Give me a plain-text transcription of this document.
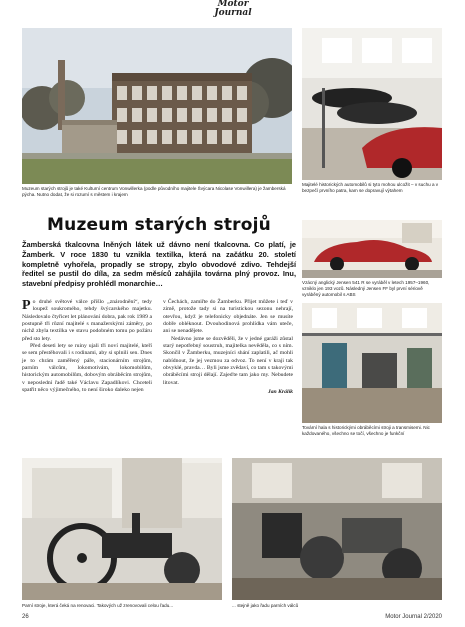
Motor
Journal
Muzeum starých strojů je také Kulturní centrum Vonwillerka (podle původního majitele Švýcara Nicolase Vonwillera) je žamberská pýcha. Nutno dodat, že si rozumí s městem i krajem
Majitelé historických automobilů si tyto mohou ulcožit – v suchu a v bezpečí prvního patra, kam se dopravují výtahem
Muzeum starých strojů
Žamberská tkalcovna lněných látek už dávno není tkalcovna. Co platí, je Žamberk. V roce 1830 tu vznikla textilka, která na začátku 20. století kompletně vyhořela, propadly se stropy, zbylo obvodové zdivo. Tehdejší ředitel se pustil do díla, za sedm měsíců zahájila továrna plný provoz. Inu, stavební předpisy prohlédl monarchie…

Po druhé světové válce přišlo „znárodnění“, tedy loupež soukromého, tehdy švýcarského majetku. Následovalo čtyřicet let plánování dobra, pak rok 1989 a postupně tři různí majitelé s manažerskými záměry, po nichž zbyla textilka ve stavu podobném tomu po požáru před sto lety.

Před deseti lety se ruiny ujali tři noví majitelé, kteří se sem přestěhovali i s rodinami, aby si splnili sen. Dnes je to chrám zaměřený páře, stacionárním strojům, parním válcům, lokomotivám, lokomobilům, historickým automobilům, dobovým obráběcím strojům, v neposlední řadě také Václavu Zapadlíkovi. Chceteli spatřit něco výjimečného, to není široko daleko nejen

v Čechách, zamiřte do Žamberku. Přijet můžete i teď v zimě, protože tady si na turistickou sezonu nehrají, otevřou, když je telefonicky objednáte. Jen se musíte dobře obléknout. Dvouhodinová prohlídka vám uteče, ani se nenadějete.

Nedávno jsme se dozvěděli, že v jedné garáži zůstal starý nepotřebný soustruh, majitelka nevěděla, co s ním. Skončil v Žamberku, muzejníci shání zaplatili, ač mohli nabídnout, že jej vezmou za odvoz. To není v kraji tak obvyklé, pravda… Byli jsme zvědaví, co tam s takovými obráběcími stroji dělají. Zajeďte tam jako my. Nebudete litovat.

Jan Králík
Vzácný anglický Jensen 541 R se vyráběl v letech 1957–1960, vzniklo jen 193 vozů. Následný Jensen FF byl první sériově vyráběný automobil s ABS
Tovární hala s historickými obráběcími stroji a transmisemi. Nic každovaného, všechno se točí, všechno je funkční
Parní stroje, která čeká na renovaci. Takových už zrenovovali celou řadu...	... stejně jako řadu parních válců
26	Motor Journal 2/2020
